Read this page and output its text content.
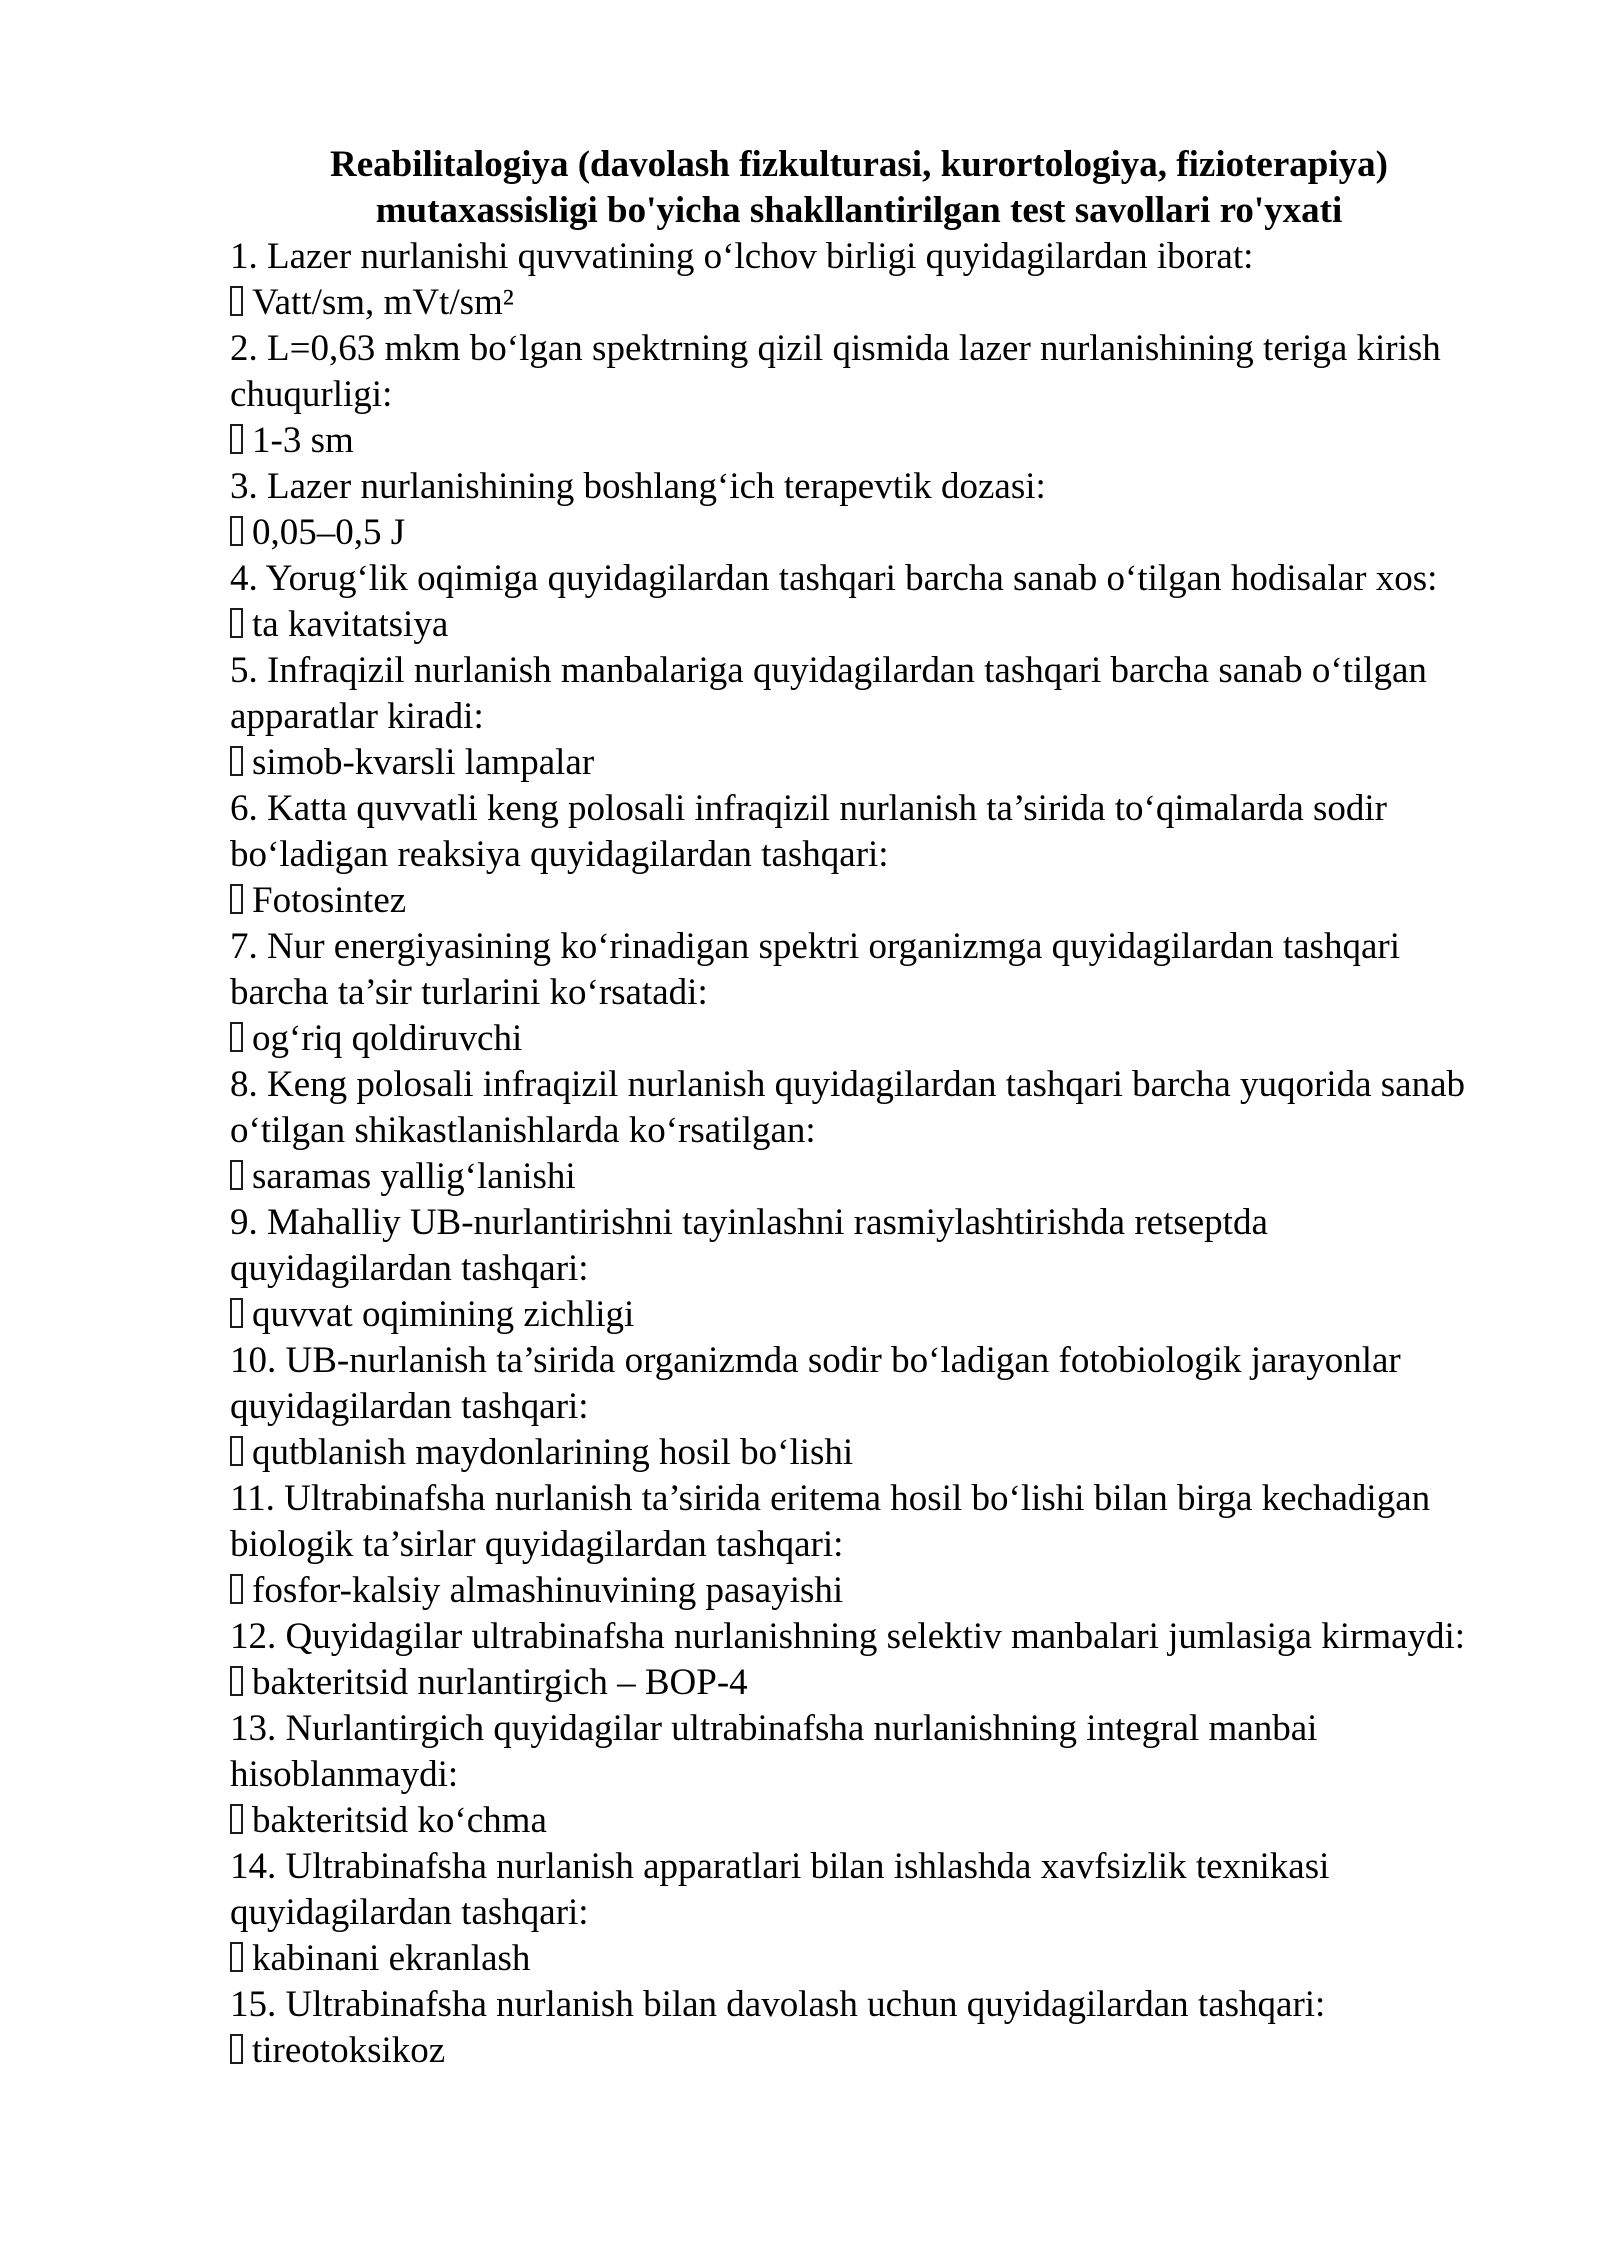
Reabilitalogiya (davolash fizkulturasi, kurortologiya, fizioterapiya)
mutaxassisligi bo'yicha shakllantirilgan test savollari ro'yxati
1. Lazer nurlanishi quvvatining o‘lchov birligi quyidagilardan iborat:
Vatt/sm, mVt/sm²
2. L=0,63 mkm bo‘lgan spektrning qizil qismida lazer nurlanishining teriga kirish
chuqurligi:
1-3 sm
3. Lazer nurlanishining boshlang‘ich terapevtik dozasi:
0,05–0,5 J
4. Yorug‘lik oqimiga quyidagilardan tashqari barcha sanab o‘tilgan hodisalar xos:
ta kavitatsiya
5. Infraqizil nurlanish manbalariga quyidagilardan tashqari barcha sanab o‘tilgan
apparatlar kiradi:
simob-kvarsli lampalar
6. Katta quvvatli keng polosali infraqizil nurlanish ta’sirida to‘qimalarda sodir
bo‘ladigan reaksiya quyidagilardan tashqari:
Fotosintez
7. Nur energiyasining ko‘rinadigan spektri organizmga quyidagilardan tashqari
barcha ta’sir turlarini ko‘rsatadi:
og‘riq qoldiruvchi
8. Keng polosali infraqizil nurlanish quyidagilardan tashqari barcha yuqorida sanab
o‘tilgan shikastlanishlarda ko‘rsatilgan:
saramas yallig‘lanishi
9. Mahalliy UB-nurlantirishni tayinlashni rasmiylashtirishda retseptda
quyidagilardan tashqari:
quvvat oqimining zichligi
10. UB-nurlanish ta’sirida organizmda sodir bo‘ladigan fotobiologik jarayonlar
quyidagilardan tashqari:
qutblanish maydonlarining hosil bo‘lishi
11. Ultrabinafsha nurlanish ta’sirida eritema hosil bo‘lishi bilan birga kechadigan
biologik ta’sirlar quyidagilardan tashqari:
fosfor-kalsiy almashinuvining pasayishi
12. Quyidagilar ultrabinafsha nurlanishning selektiv manbalari jumlasiga kirmaydi:
bakteritsid nurlantirgich – BOP-4
13. Nurlantirgich quyidagilar ultrabinafsha nurlanishning integral manbai
hisoblanmaydi:
bakteritsid ko‘chma
14. Ultrabinafsha nurlanish apparatlari bilan ishlashda xavfsizlik texnikasi
quyidagilardan tashqari:
kabinani ekranlash
15. Ultrabinafsha nurlanish bilan davolash uchun quyidagilardan tashqari:
tireotoksikoz
